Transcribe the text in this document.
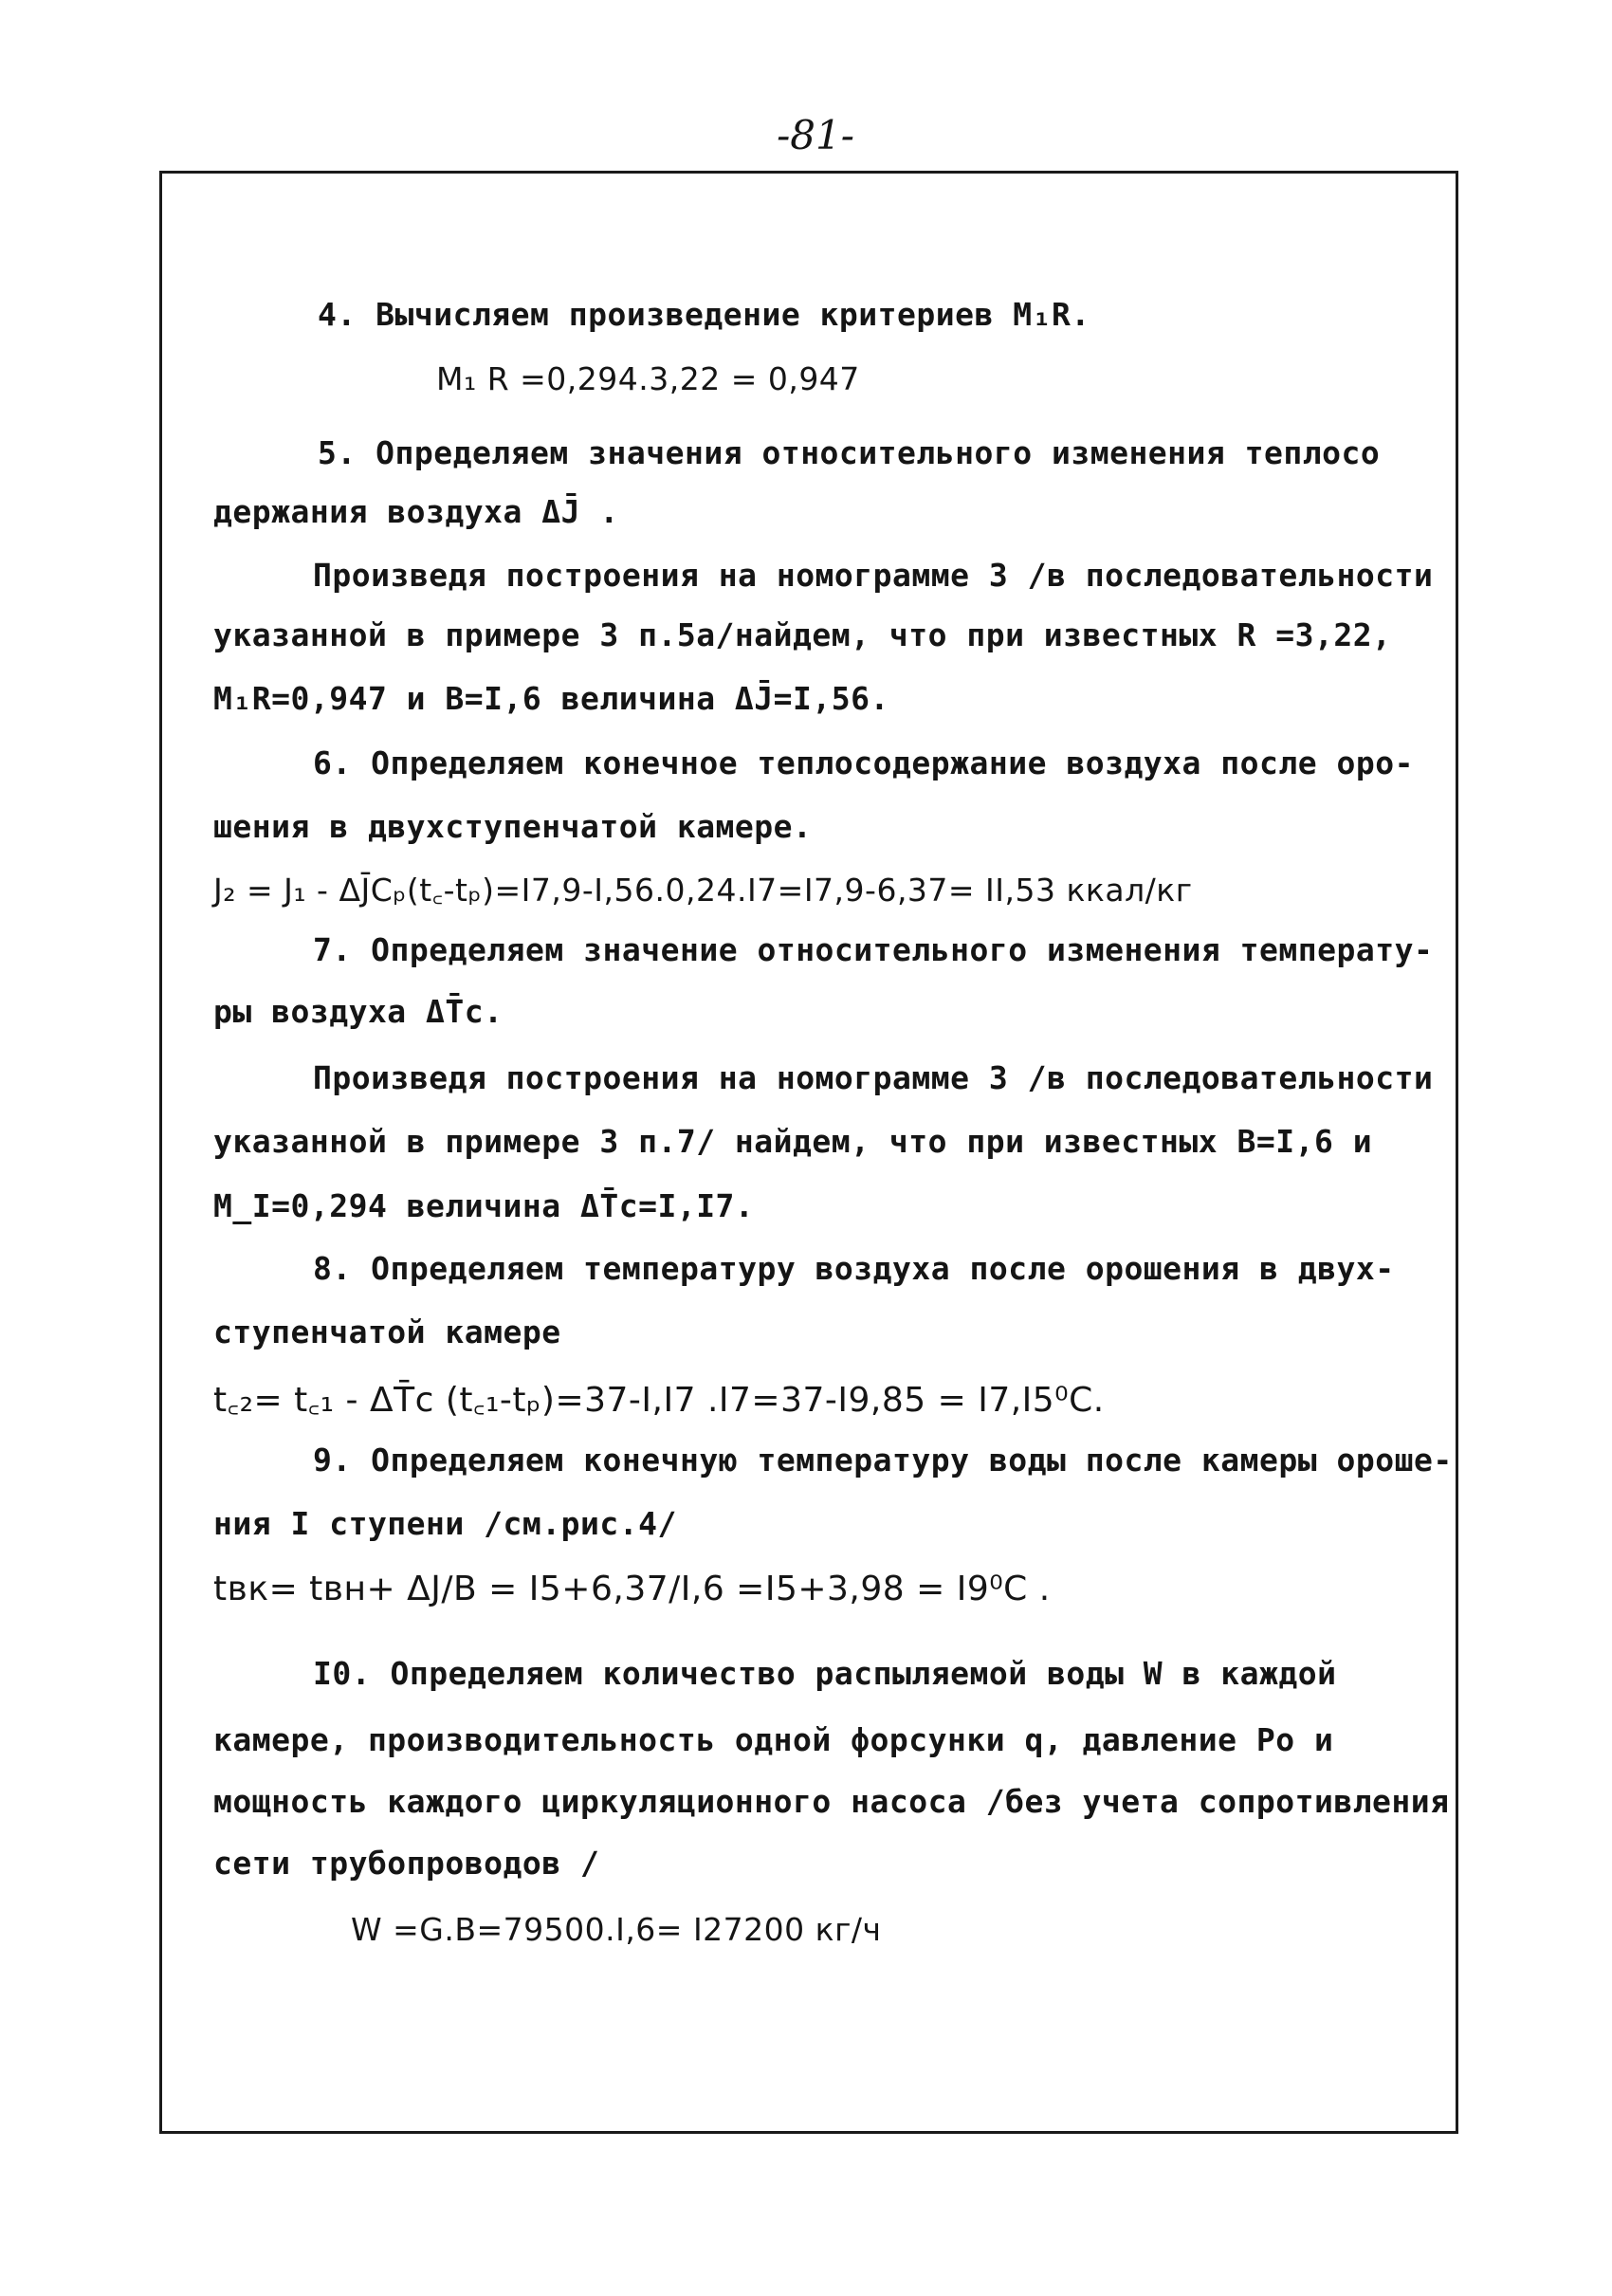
-81-
4. Вычисляем произведение критериев M₁R.
M₁ R =0,294.3,22 = 0,947
5. Определяем значения относительного изменения теплосо
держания воздуха ΔJ̄ .
Произведя построения на номограмме 3 /в последовательности
указанной в примере 3 п.5а/найдем, что при известных R =3,22,
M₁R=0,947 и В=I,6 величина ΔJ̄=I,56.
6. Определяем конечное теплосодержание воздуха после оро-
шения в двухступенчатой камере.
J₂ = J₁ - ΔJ̄Cₚ(t꜀-tₚ)=I7,9-I,56.0,24.I7=I7,9-6,37= II,53 ккал/кг
7. Определяем значение относительного изменения температу-
ры воздуха ΔT̄с.
Произведя построения на номограмме 3 /в последовательности
указанной в примере 3 п.7/ найдем, что при известных В=I,6 и
M_I=0,294 величина ΔT̄с=I,I7.
8. Определяем температуру воздуха после орошения в двух-
ступенчатой камере
t꜀₂= t꜀₁ - ΔT̄с (t꜀₁-tₚ)=37-I,I7 .I7=37-I9,85 = I7,I5⁰С.
9. Определяем конечную температуру воды после камеры ороше-
ния I ступени /см.рис.4/
tвк= tвн+ ΔJ/В = I5+6,37/I,6 =I5+3,98 = I9⁰С .
I0. Определяем количество распыляемой воды W в каждой
камере, производительность одной форсунки q, давление Ро и
мощность каждого циркуляционного насоса /без учета сопротивления
сети трубопроводов /
W =G.В=79500.I,6= I27200 кг/ч
